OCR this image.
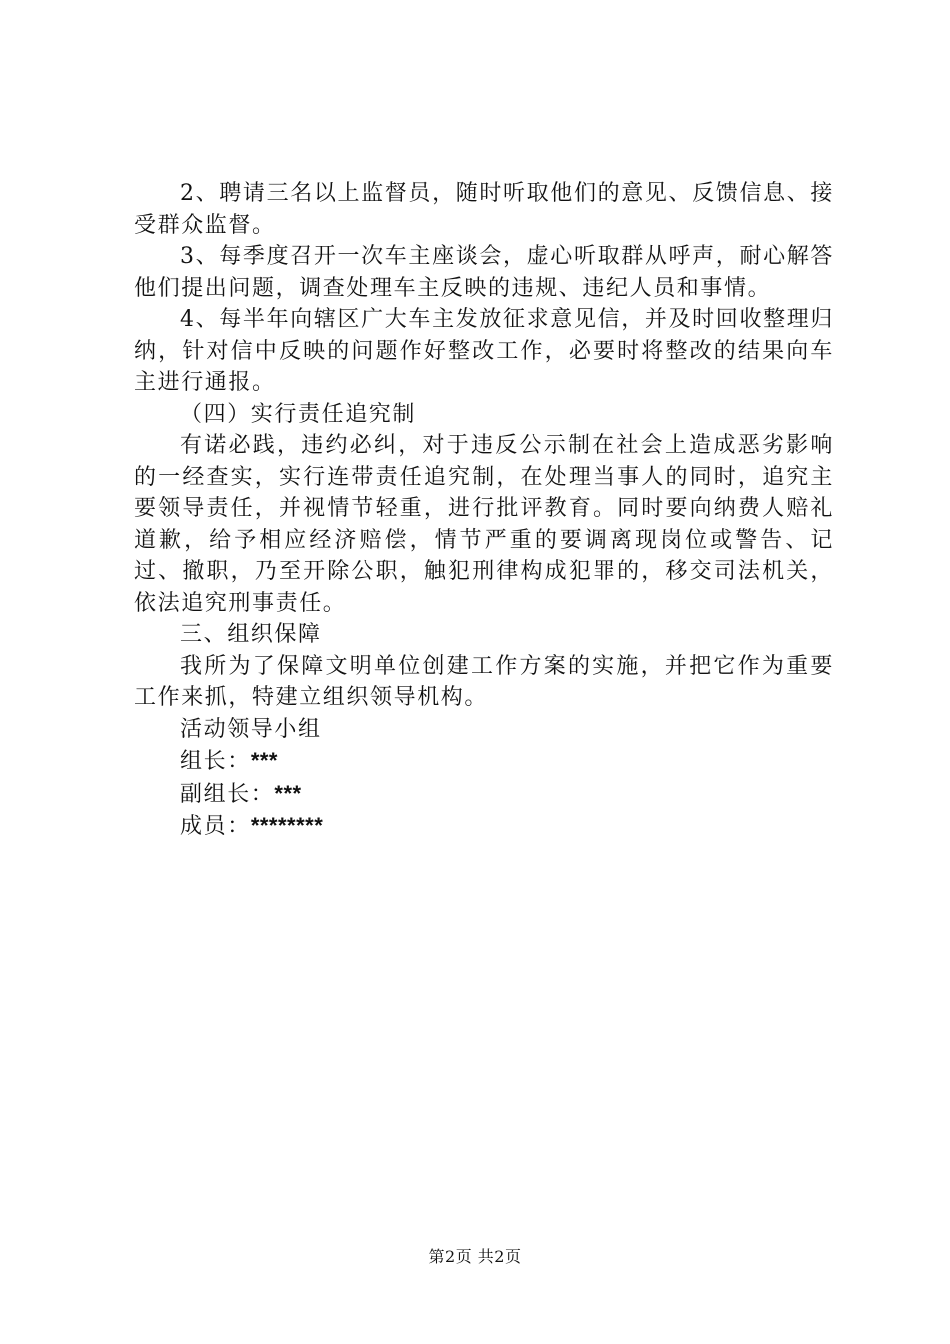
2、聘请三名以上监督员，随时听取他们的意见、反馈信息、接受群众监督。

3、每季度召开一次车主座谈会，虚心听取群从呼声，耐心解答他们提出问题，调查处理车主反映的违规、违纪人员和事情。

4、每半年向辖区广大车主发放征求意见信，并及时回收整理归纳，针对信中反映的问题作好整改工作，必要时将整改的结果向车主进行通报。

（四）实行责任追究制

有诺必践，违约必纠，对于违反公示制在社会上造成恶劣影响的一经查实，实行连带责任追究制，在处理当事人的同时，追究主要领导责任，并视情节轻重，进行批评教育。同时要向纳费人赔礼道歉，给予相应经济赔偿，情节严重的要调离现岗位或警告、记过、撤职，乃至开除公职，触犯刑律构成犯罪的，移交司法机关，依法追究刑事责任。

三、组织保障

我所为了保障文明单位创建工作方案的实施，并把它作为重要工作来抓，特建立组织领导机构。

活动领导小组

组长：***

副组长：***

成员：********

第2页 共2页
